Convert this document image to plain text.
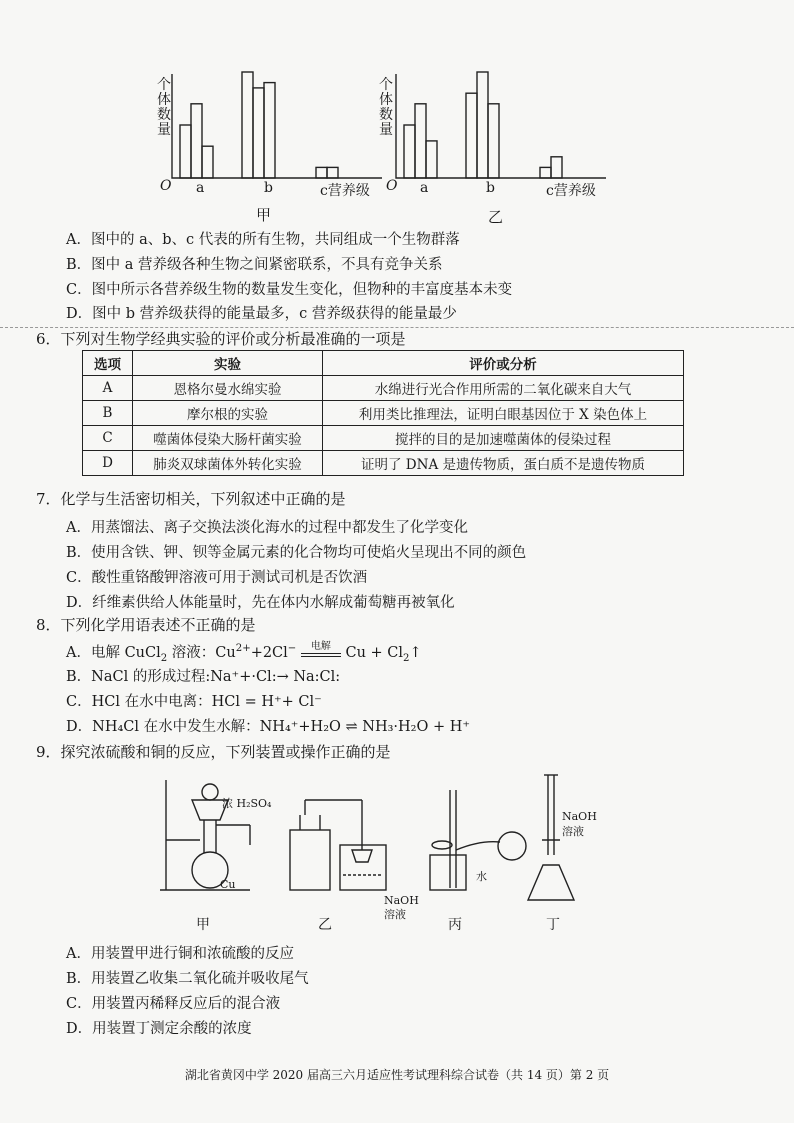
个
体
数
量
O a	b	c营养级
甲
个
体
数
量
O a	b	c营养级
乙
A．图中的 a、b、c 代表的所有生物，共同组成一个生物群落
B．图中 a 营养级各种生物之间紧密联系，不具有竞争关系
C．图中所示各营养级生物的数量发生变化，但物种的丰富度基本未变
D．图中 b 营养级获得的能量最多，c 营养级获得的能量最少
6．下列对生物学经典实验的评价或分析最准确的一项是
选项	实验	评价或分析
A	恩格尔曼水绵实验	水绵进行光合作用所需的二氧化碳来自大气
B	摩尔根的实验	利用类比推理法，证明白眼基因位于 X 染色体上
C	噬菌体侵染大肠杆菌实验	搅拌的目的是加速噬菌体的侵染过程
D	肺炎双球菌体外转化实验	证明了 DNA 是遗传物质，蛋白质不是遗传物质
7．化学与生活密切相关，下列叙述中正确的是
A．用蒸馏法、离子交换法淡化海水的过程中都发生了化学变化
B．使用含铁、钾、钡等金属元素的化合物均可使焰火呈现出不同的颜色
C．酸性重铬酸钾溶液可用于测试司机是否饮酒
D．纤维素供给人体能量时，先在体内水解成葡萄糖再被氧化
8．下列化学用语表述不正确的是
A．电解 CuCl$_2$ 溶液：$Cu^{2+}+2Cl^-$	电解	$Cu + Cl_2↑$
B．NaCl 的形成过程:Na⁺+·Cl:→ Na:Cl:
C．HCl 在水中电离：HCl = H⁺+ Cl⁻
D．NH₄Cl 在水中发生水解：NH₄⁺+H₂O ⇌ NH₃·H₂O + H⁺
9．探究浓硫酸和铜的反应，下列装置或操作正确的是
浓 H₂SO₄
Cu
NaOH
溶液
水
NaOH
溶液
甲	乙	丙	丁
A．用装置甲进行铜和浓硫酸的反应
B．用装置乙收集二氧化硫并吸收尾气
C．用装置丙稀释反应后的混合液
D．用装置丁测定余酸的浓度
湖北省黄冈中学 2020 届高三六月适应性考试理科综合试卷（共 14 页）第 2 页
